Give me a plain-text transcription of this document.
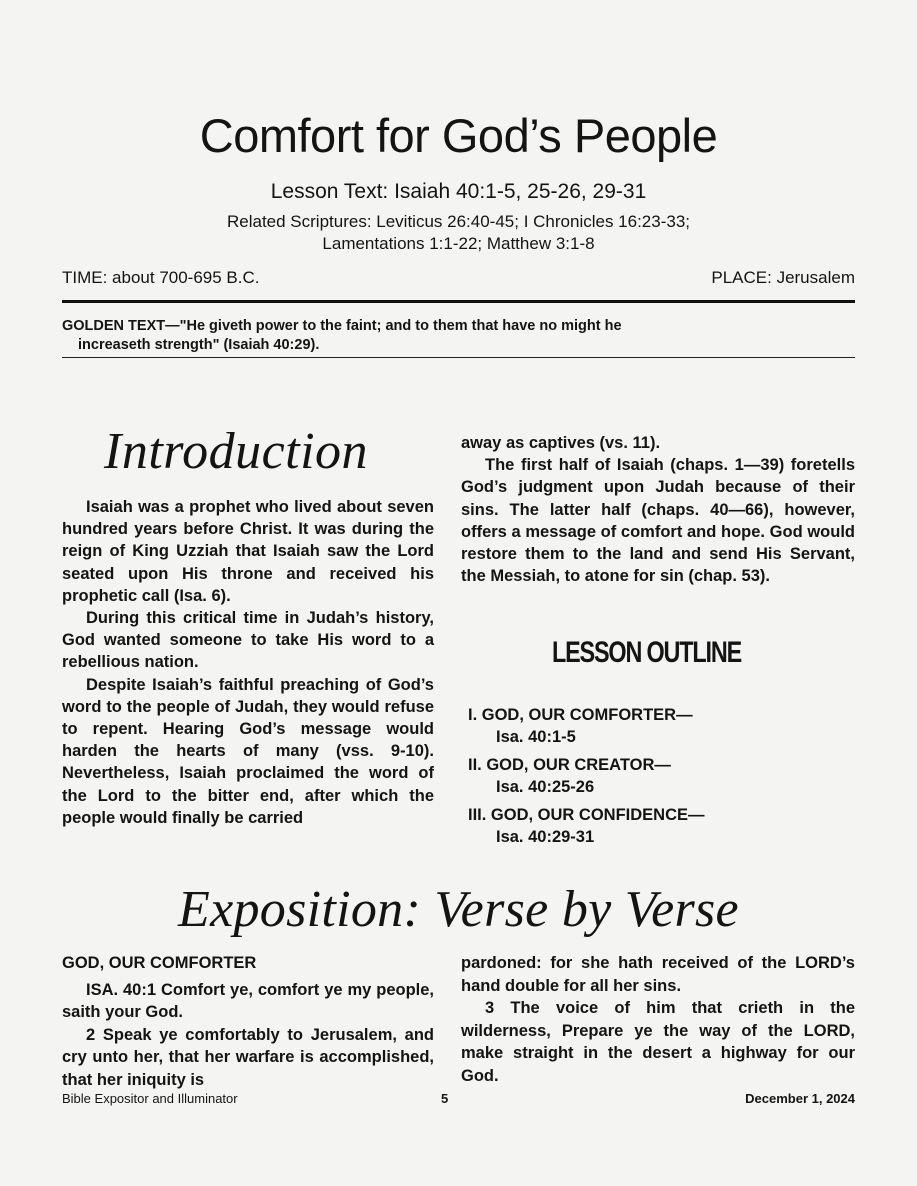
Comfort for God’s People
Lesson Text: Isaiah 40:1-5, 25-26, 29-31
Related Scriptures: Leviticus 26:40-45; I Chronicles 16:23-33;
Lamentations 1:1-22; Matthew 3:1-8
TIME: about 700-695 B.C.	PLACE: Jerusalem
GOLDEN TEXT—"He giveth power to the faint; and to them that have no might he
increaseth strength" (Isaiah 40:29).
Introduction

Isaiah was a prophet who lived about seven hundred years before Christ. It was during the reign of King Uzziah that Isaiah saw the Lord seated upon His throne and received his prophetic call (Isa. 6).

During this critical time in Judah’s history, God wanted someone to take His word to a rebellious nation.

Despite Isaiah’s faithful preaching of God’s word to the people of Judah, they would refuse to repent. Hearing God’s message would harden the hearts of many (vss. 9-10). Nevertheless, Isaiah proclaimed the word of the Lord to the bitter end, after which the people would finally be carried

away as captives (vs. 11).

The first half of Isaiah (chaps. 1—39) foretells God’s judgment upon Judah because of their sins. The latter half (chaps. 40—66), however, offers a message of comfort and hope. God would restore them to the land and send His Servant, the Messiah, to atone for sin (chap. 53).

LESSON OUTLINE
I. GOD, OUR COMFORTER—
Isa. 40:1-5
II. GOD, OUR CREATOR—
Isa. 40:25-26
III. GOD, OUR CONFIDENCE—
Isa. 40:29-31
Exposition: Verse by Verse
GOD, OUR COMFORTER

ISA. 40:1 Comfort ye, comfort ye my people, saith your God.

2 Speak ye comfortably to Jerusalem, and cry unto her, that her warfare is accomplished, that her iniquity is

pardoned: for she hath received of the LORD’s hand double for all her sins.

3 The voice of him that crieth in the wilderness, Prepare ye the way of the LORD, make straight in the desert a highway for our God.

Bible Expositor and Illuminator	5	December 1, 2024
